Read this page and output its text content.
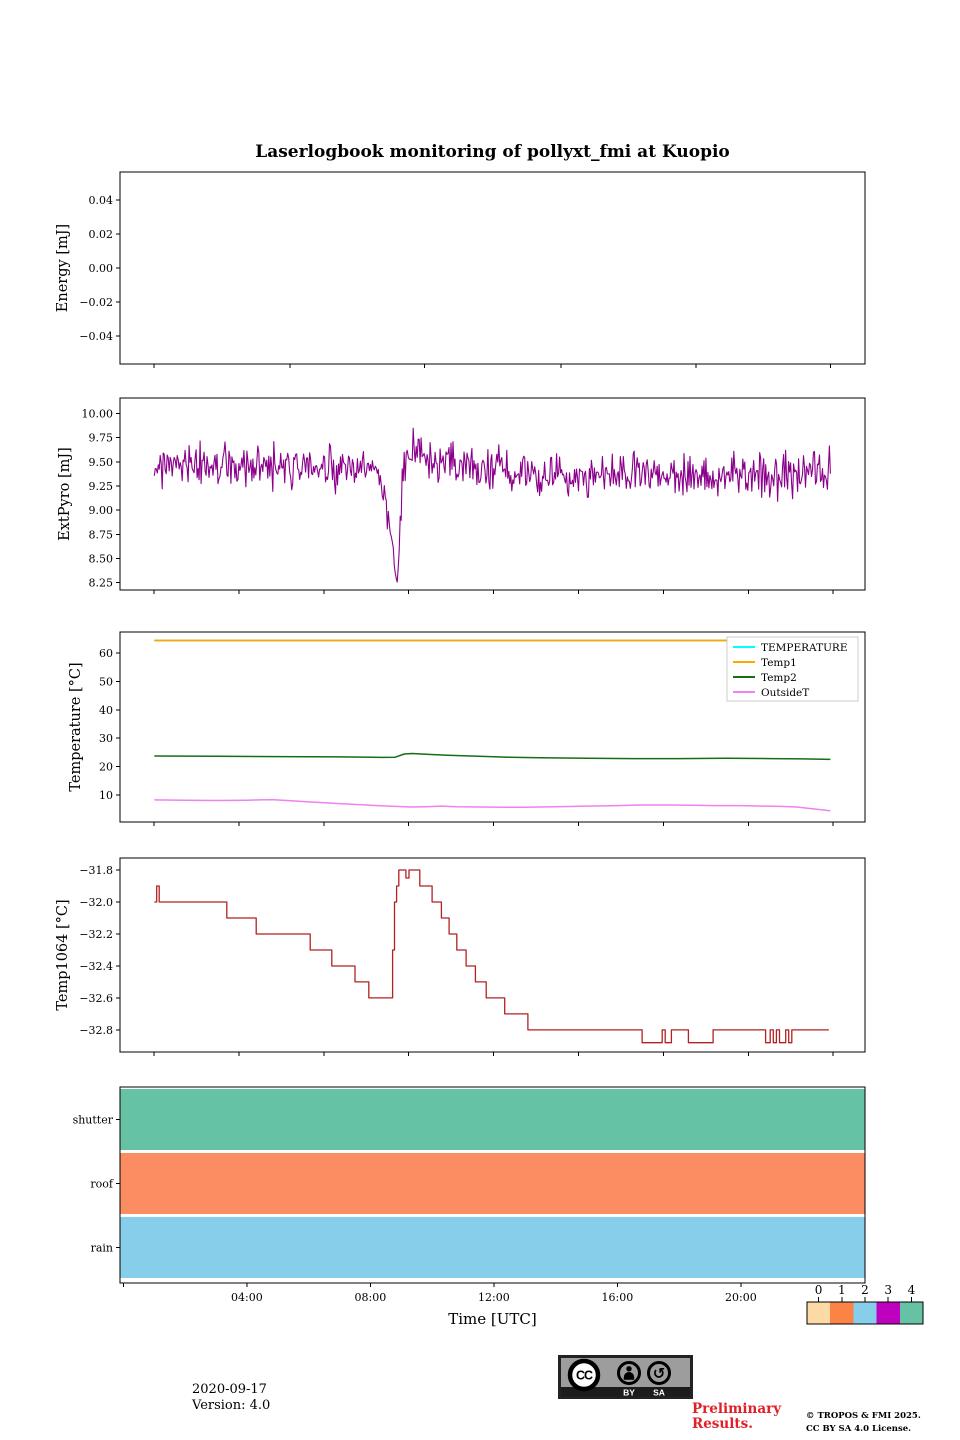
0.04
0.02
0.00
−0.02
−0.04
Energy [mJ]
10.00
9.75
9.50
9.25
9.00
8.75
8.50
8.25
ExtPyro [mJ]
60
50
40
30
20
10
Temperature [°C]
TEMPERATURE
Temp1
Temp2
OutsideT
−31.8
−32.0
−32.2
−32.4
−32.6
−32.8
Temp1064 [°C]
shutter
roof
rain
04:00	08:00	12:00	16:00	20:00
0 1 2 3 4
Laserlogbook monitoring of pollyxt_fmi at Kuopio
Time [UTC]
2020-09-17
Version: 4.0
CC	↺
BY SA
Preliminary
Results.	© TROPOS & FMI 2025.
CC BY SA 4.0 License.
